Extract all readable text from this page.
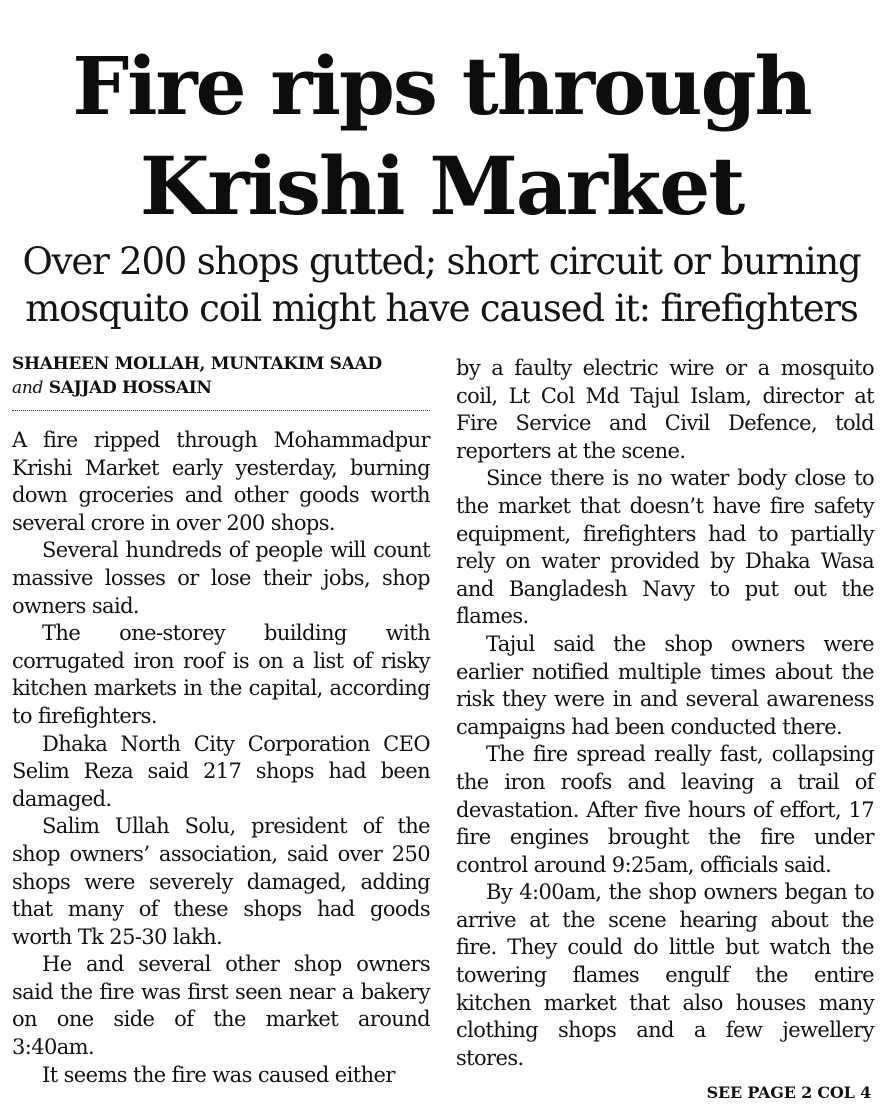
Fire rips through
Krishi Market
Over 200 shops gutted; short circuit or burning
mosquito coil might have caused it: firefighters
SHAHEEN MOLLAH, MUNTAKIM SAAD
and SAJJAD HOSSAIN

A fire ripped through Mohammadpur Krishi Market early yesterday, burning down groceries and other goods worth several crore in over 200 shops.

Several hundreds of people will count massive losses or lose their jobs, shop owners said.

The one-storey building with corrugated iron roof is on a list of risky kitchen markets in the capital, according to firefighters.

Dhaka North City Corporation CEO Selim Reza said 217 shops had been damaged.

Salim Ullah Solu, president of the shop owners’ association, said over 250 shops were severely damaged, adding that many of these shops had goods worth Tk 25-30 lakh.

He and several other shop owners said the fire was first seen near a bakery on one side of the market around 3:40am.

It seems the fire was caused either

by a faulty electric wire or a mosquito coil, Lt Col Md Tajul Islam, director at Fire Service and Civil Defence, told reporters at the scene.

Since there is no water body close to the market that doesn’t have fire safety equipment, firefighters had to partially rely on water provided by Dhaka Wasa and Bangladesh Navy to put out the flames.

Tajul said the shop owners were earlier notified multiple times about the risk they were in and several awareness campaigns had been conducted there.

The fire spread really fast, collapsing the iron roofs and leaving a trail of devastation. After five hours of effort, 17 fire engines brought the fire under control around 9:25am, officials said.

By 4:00am, the shop owners began to arrive at the scene hearing about the fire. They could do little but watch the towering flames engulf the entire kitchen market that also houses many clothing shops and a few jewellery stores.

SEE PAGE 2 COL 4
